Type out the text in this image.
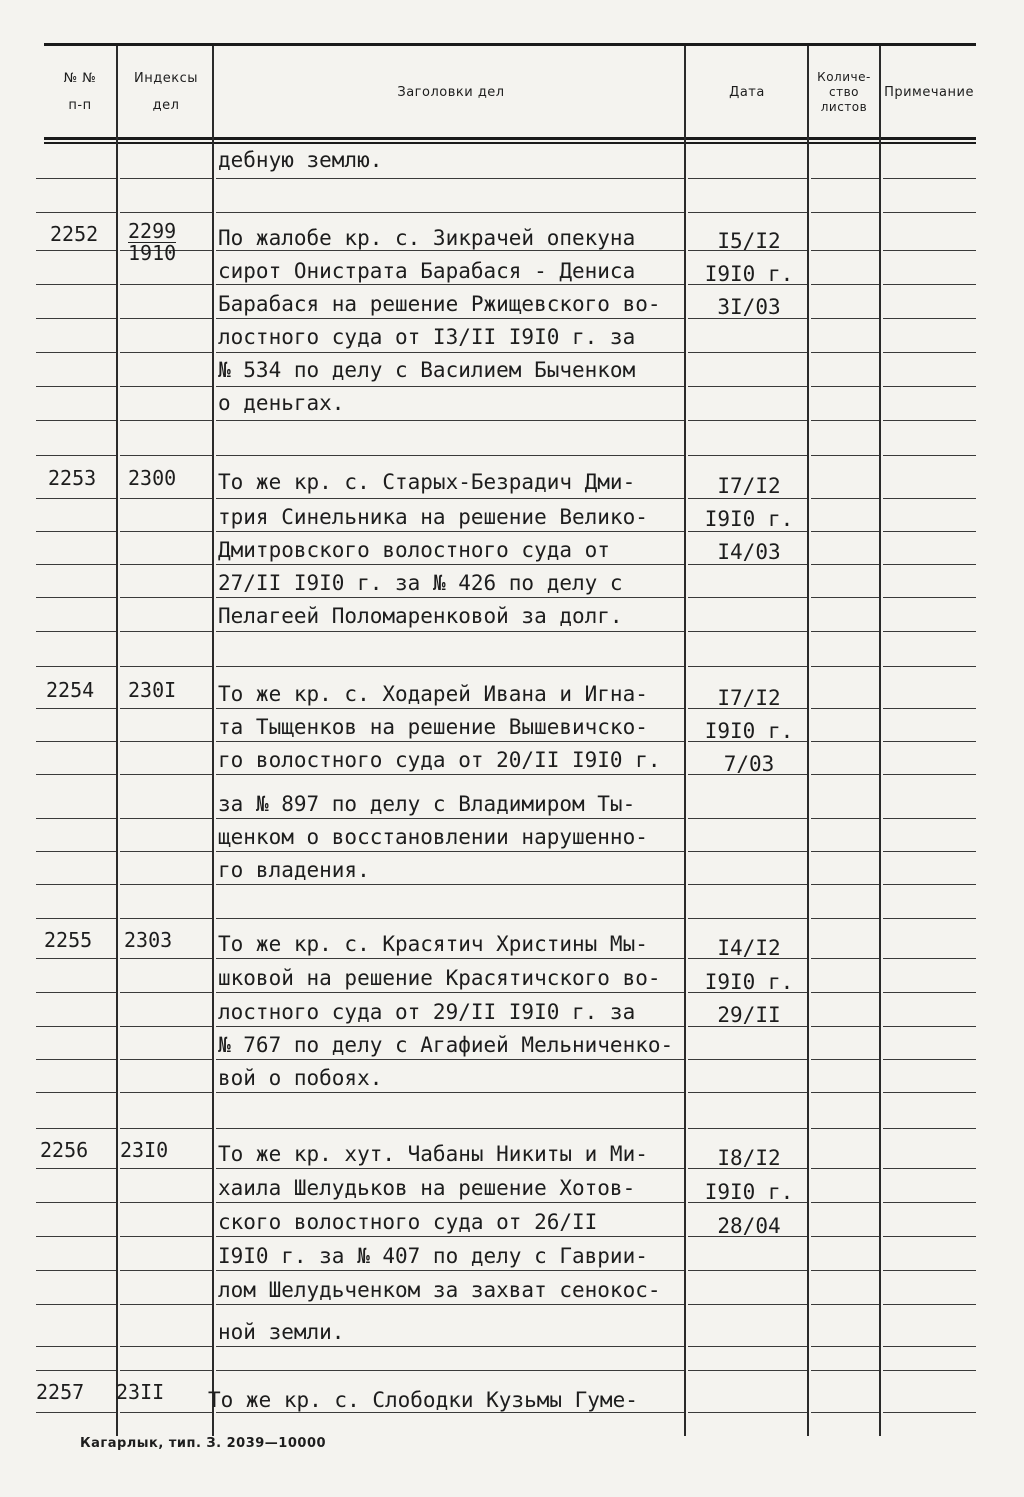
№ №
п-п
Индексы
дел
Заголовки дел	Дата
Количе-
ство
листов
Примечание
дебную землю.
$2252 \frac{2299}{1910}$ По жалобе кр. с. Зикрачей опекуна
сирот Онистрата Барабася - Дениса
Барабася на решение Ржищевского во-
лостного суда от I3/II I9I0 г. за
№ 534 по делу с Василием Быченком
о деньгах.
I5/I2
I9I0 г.
3I/03
2253 2300 То же кр. с. Старых-Безрадич Дми-
трия Синельника на решение Велико-
Дмитровского волостного суда от
27/II I9I0 г. за № 426 по делу с
Пелагеей Поломаренковой за долг.
I7/I2
I9I0 г.
I4/03
2254 230I То же кр. с. Ходарей Ивана и Игна-
та Тыщенков на решение Вышевичско-
го волостного суда от 20/II I9I0 г.
за № 897 по делу с Владимиром Ты-
щенком о восстановлении нарушенно-
го владения.
I7/I2
I9I0 г.
7/03
2255 2303 То же кр. с. Красятич Христины Мы-
шковой на решение Красятичского во-
лостного суда от 29/II I9I0 г. за
№ 767 по делу с Агафией Мельниченко-
вой о побоях.
I4/I2
I9I0 г.
29/II
2256 23I0 То же кр. хут. Чабаны Никиты и Ми-
хаила Шелудьков на решение Хотов-
ского волостного суда от 26/II
I9I0 г. за № 407 по делу с Гаврии-
лом Шелудьченком за захват сенокос-
ной земли.
I8/I2
I9I0 г.
28/04
2257 23II То же кр. с. Слободки Кузьмы Гуме-
Кагарлык, тип. З. 2039—10000
